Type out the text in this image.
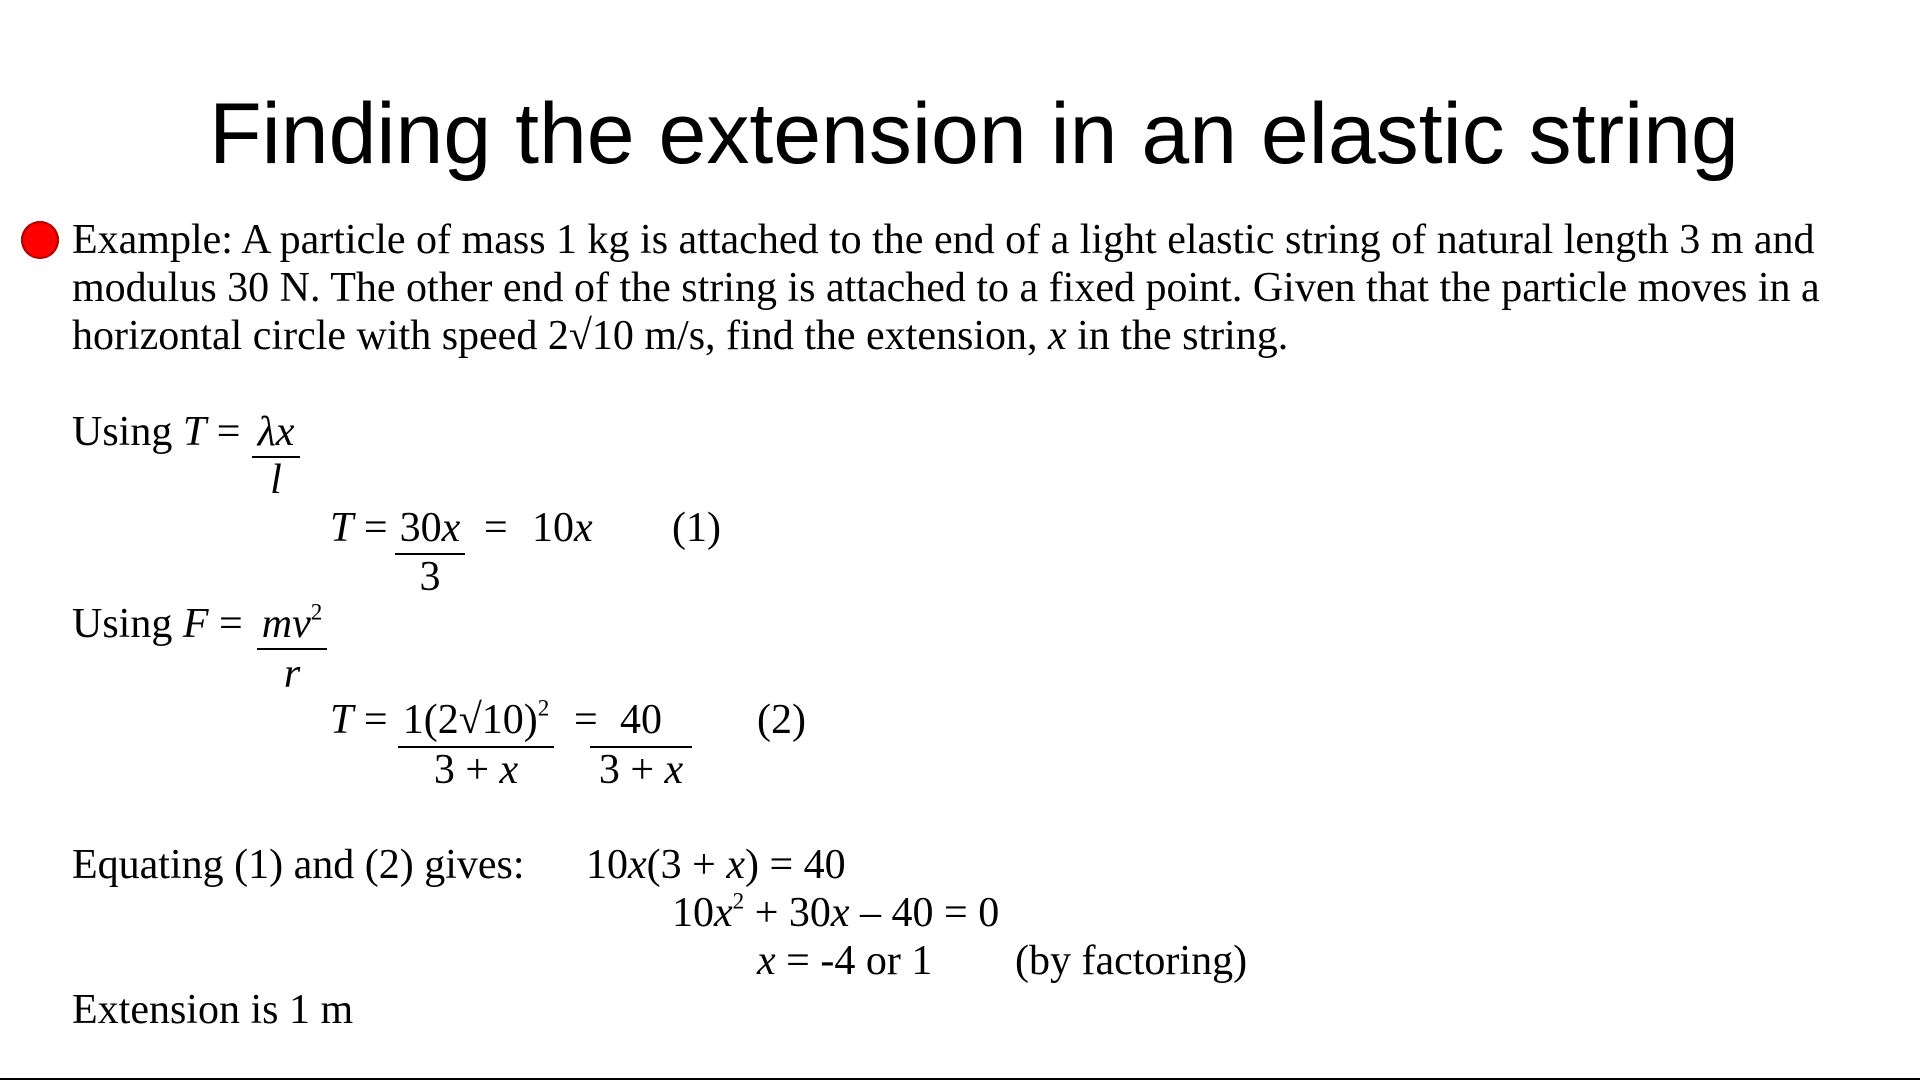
Finding the extension in an elastic string
Example: A particle of mass 1 kg is attached to the end of a light elastic string of natural length 3 m and
modulus 30 N. The other end of the string is attached to a fixed point. Given that the particle moves in a
horizontal circle with speed 2√10 m/s, find the extension, x in the string.
Using T = λx
l
T = 30x
3
= 10x (1)
Using $F = mv^2$
r
$T = 1(2√10)^2$
3 + x
= 40
3 + x
(2)
Equating (1) and (2) gives: 10x(3 + x) = 40
$10x^2 + 30x - 40 = 0$
x = -4 or 1 (by factoring)
Extension is 1 m
